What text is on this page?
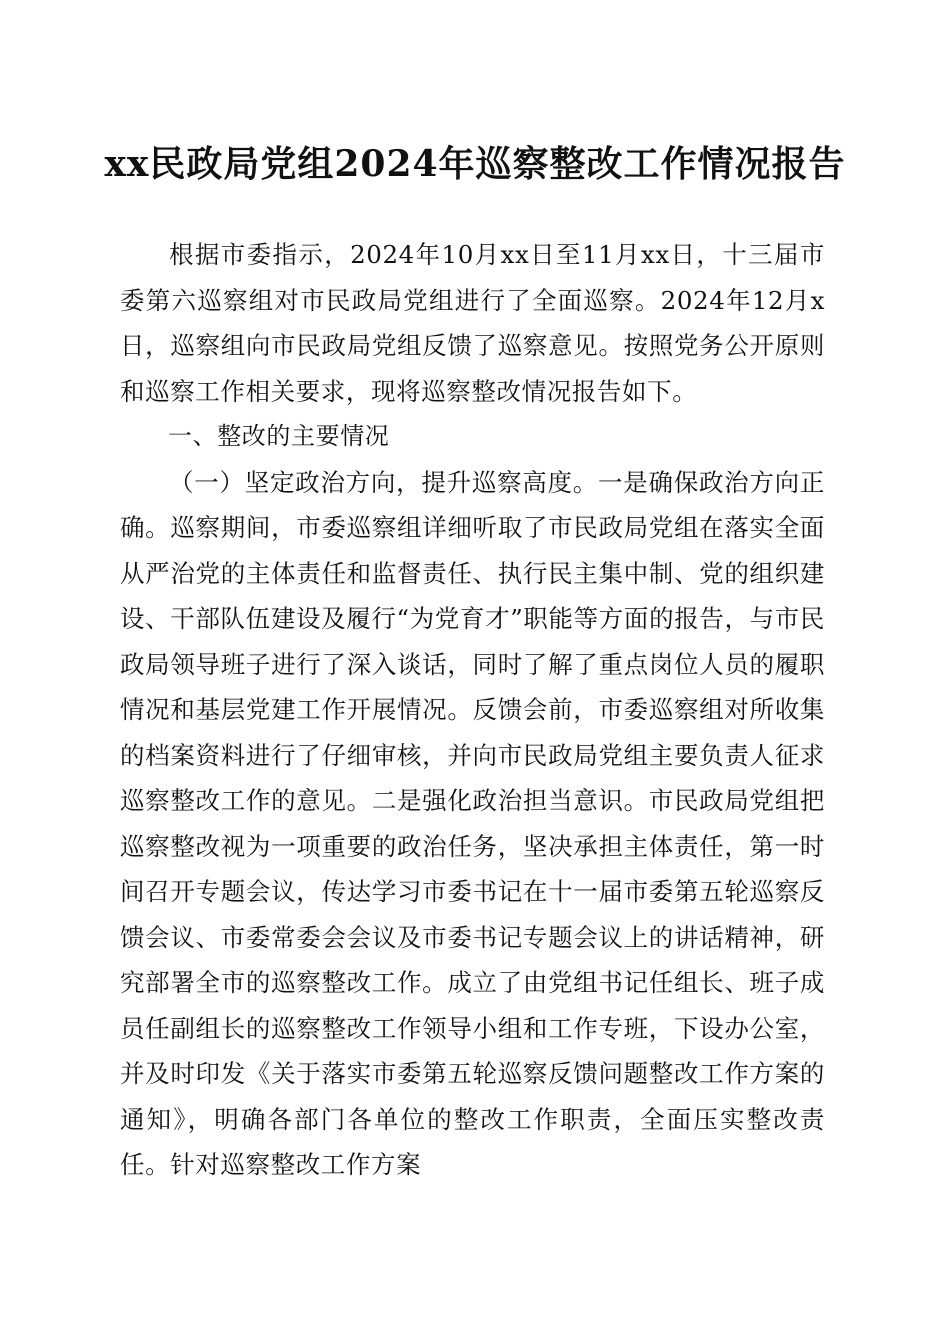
xx民政局党组2024年巡察整改工作情况报告

根据市委指示，2024年10月xx日至11月xx日，十三届市委第六巡察组对市民政局党组进行了全面巡察。2024年12月x日，巡察组向市民政局党组反馈了巡察意见。按照党务公开原则和巡察工作相关要求，现将巡察整改情况报告如下。

一、整改的主要情况

（一）坚定政治方向，提升巡察高度。一是确保政治方向正确。巡察期间，市委巡察组详细听取了市民政局党组在落实全面从严治党的主体责任和监督责任、执行民主集中制、党的组织建设、干部队伍建设及履行“为党育才”职能等方面的报告，与市民政局领导班子进行了深入谈话，同时了解了重点岗位人员的履职情况和基层党建工作开展情况。反馈会前，市委巡察组对所收集的档案资料进行了仔细审核，并向市民政局党组主要负责人征求巡察整改工作的意见。二是强化政治担当意识。市民政局党组把巡察整改视为一项重要的政治任务，坚决承担主体责任，第一时间召开专题会议，传达学习市委书记在十一届市委第五轮巡察反馈会议、市委常委会会议及市委书记专题会议上的讲话精神，研究部署全市的巡察整改工作。成立了由党组书记任组长、班子成员任副组长的巡察整改工作领导小组和工作专班，下设办公室，并及时印发《关于落实市委第五轮巡察反馈问题整改工作方案的通知》，明确各部门各单位的整改工作职责，全面压实整改责任。针对巡察整改工作方案
